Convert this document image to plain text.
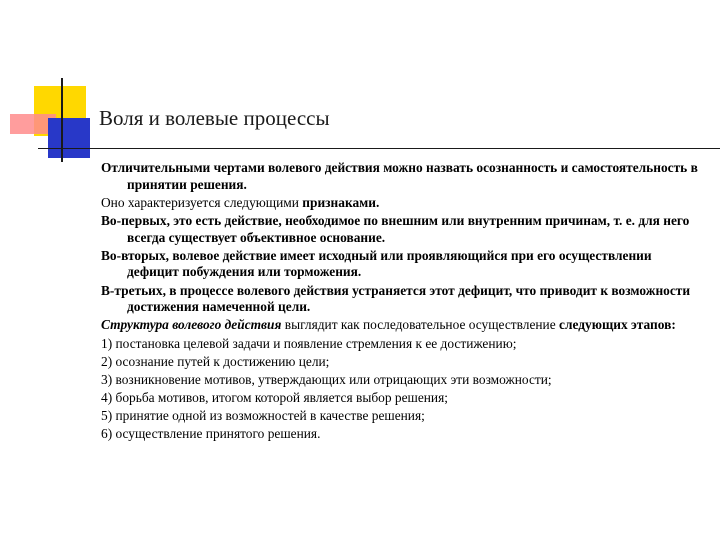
Воля и волевые процессы

Отличительными чертами волевого действия можно назвать осознанность и самостоятельность в принятии решения.

Оно характеризуется следующими признаками.

Во-первых, это есть действие, необходимое по внешним или внутренним причинам, т. е. для него всегда существует объективное основание.

Во-вторых, волевое действие имеет исходный или проявляющийся при его осуществлении дефицит побуждения или торможения.

В-третьих, в процессе волевого действия устраняется этот дефицит, что приводит к возможности достижения намеченной цели.

Структура волевого действия выглядит как последовательное осуществление следующих этапов:

1) постановка целевой задачи и появление стремления к ее достижению;

2) осознание путей к достижению цели;

3) возникновение мотивов, утверждающих или отрицающих эти возможности;

4) борьба мотивов, итогом которой является выбор решения;

5) принятие одной из возможностей в качестве решения;

6) осуществление принятого решения.
